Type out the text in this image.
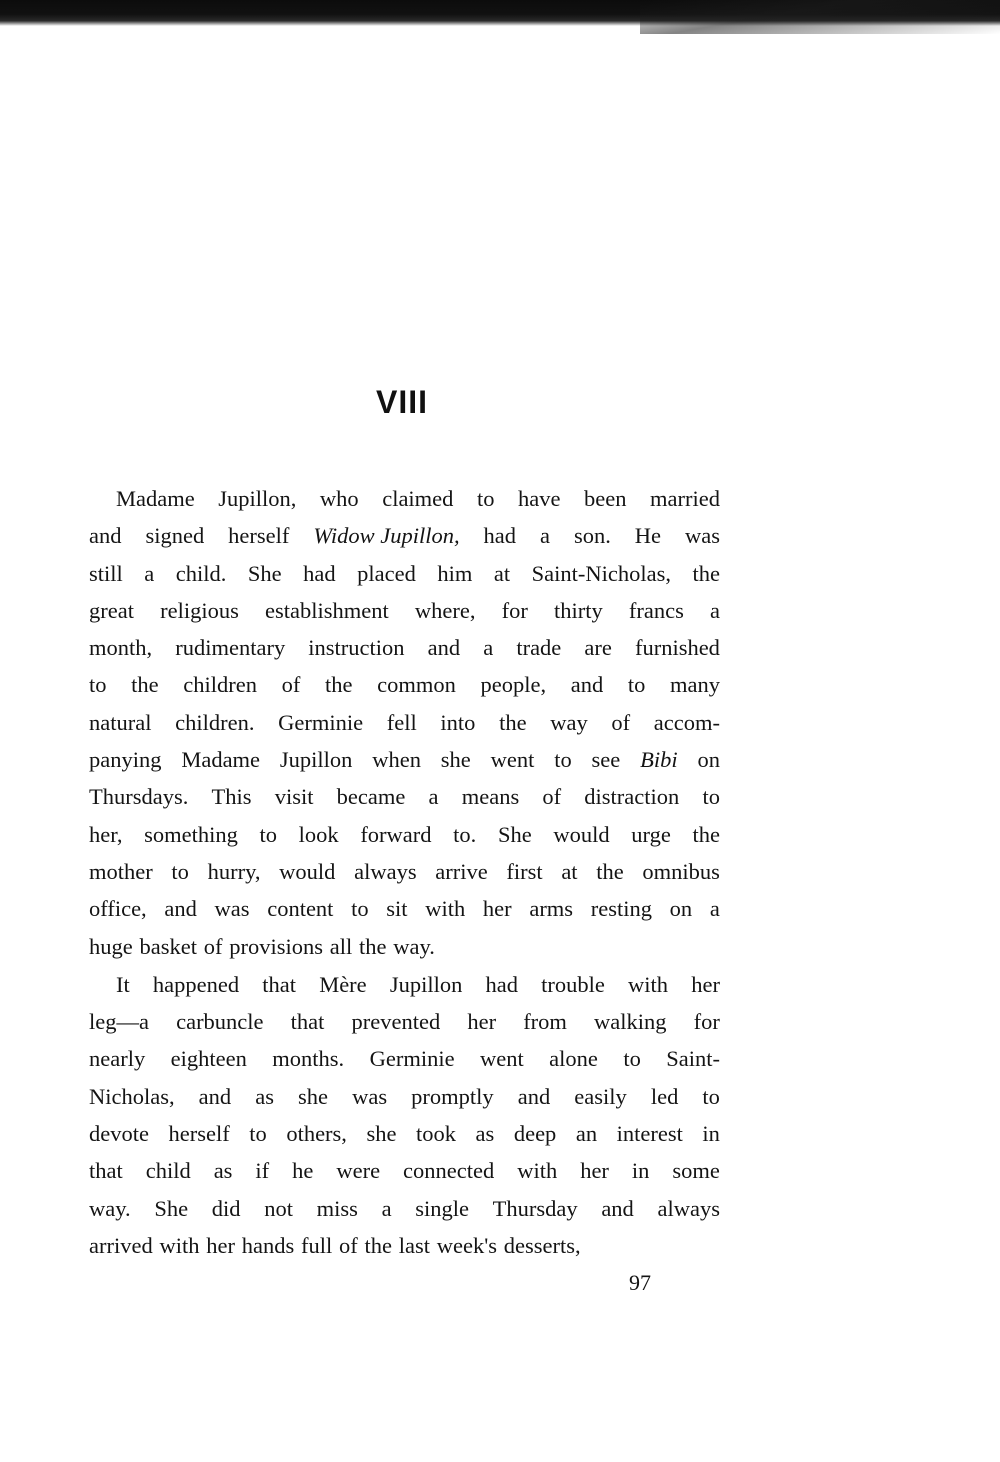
VIII
Madame Jupillon, who claimed to have been married
and signed herself Widow Jupillon, had a son. He was
still a child. She had placed him at Saint-Nicholas, the
great religious establishment where, for thirty francs a
month, rudimentary instruction and a trade are furnished
to the children of the common people, and to many
natural children. Germinie fell into the way of accom-
panying Madame Jupillon when she went to see Bibi on
Thursdays. This visit became a means of distraction to
her, something to look forward to. She would urge the
mother to hurry, would always arrive first at the omnibus
office, and was content to sit with her arms resting on a
huge basket of provisions all the way.
It happened that Mère Jupillon had trouble with her
leg—a carbuncle that prevented her from walking for
nearly eighteen months. Germinie went alone to Saint-
Nicholas, and as she was promptly and easily led to
devote herself to others, she took as deep an interest in
that child as if he were connected with her in some
way. She did not miss a single Thursday and always
arrived with her hands full of the last week's desserts,
97
